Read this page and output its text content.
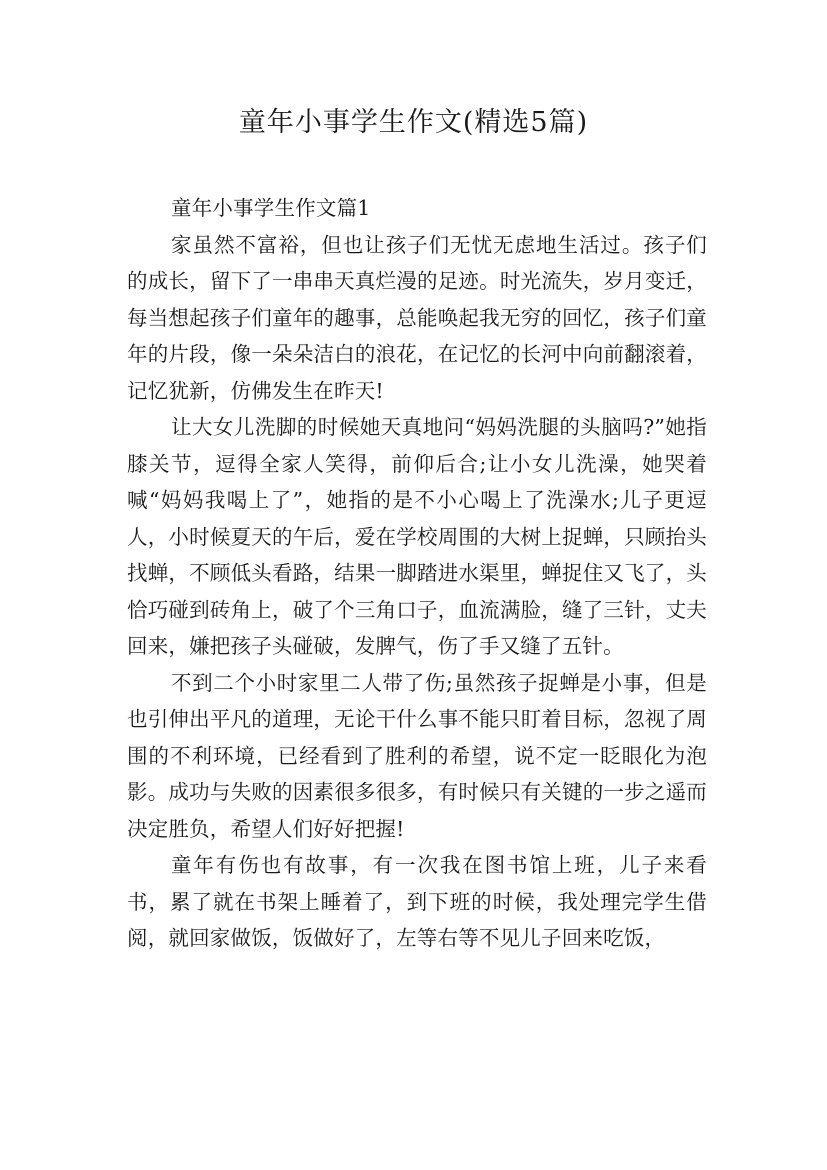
童年小事学生作文(精选5篇)

童年小事学生作文篇1

家虽然不富裕，但也让孩子们无忧无虑地生活过。孩子们的成长，留下了一串串天真烂漫的足迹。时光流失，岁月变迁，每当想起孩子们童年的趣事，总能唤起我无穷的回忆，孩子们童年的片段，像一朵朵洁白的浪花，在记忆的长河中向前翻滚着，记忆犹新，仿佛发生在昨天!

让大女儿洗脚的时候她天真地问“妈妈洗腿的头脑吗?”她指膝关节，逗得全家人笑得，前仰后合;让小女儿洗澡，她哭着喊“妈妈我喝上了”，她指的是不小心喝上了洗澡水;儿子更逗人，小时候夏天的午后，爱在学校周围的大树上捉蝉，只顾抬头找蝉，不顾低头看路，结果一脚踏进水渠里，蝉捉住又飞了，头恰巧碰到砖角上，破了个三角口子，血流满脸，缝了三针，丈夫回来，嫌把孩子头碰破，发脾气，伤了手又缝了五针。

不到二个小时家里二人带了伤;虽然孩子捉蝉是小事，但是也引伸出平凡的道理，无论干什么事不能只盯着目标，忽视了周围的不利环境，已经看到了胜利的希望，说不定一眨眼化为泡影。成功与失败的因素很多很多，有时候只有关键的一步之遥而决定胜负，希望人们好好把握!

童年有伤也有故事，有一次我在图书馆上班，儿子来看书，累了就在书架上睡着了，到下班的时候，我处理完学生借阅，就回家做饭，饭做好了，左等右等不见儿子回来吃饭，
